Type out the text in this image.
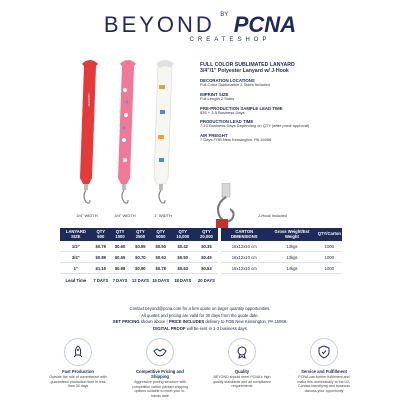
BEYOND $^{BY}$ PCNA
CREATESHOP
REDLINE
3/4" WIDTH	3/4" WIDTH	1" WIDTH
FULL COLOR SUBLIMATED LANYARD
3/4"/1" Polyester Lanyard w/ J-Hook
DECORATION LOCATIONS
Full Color Sublimation 2 Sides Included
IMPRINT SIZE
Full Length 2 Sides
PRE-PRODUCTION SAMPLE LEAD TIME
$35 + 3-5 Business Days
PRODUCTION LEAD TIME
7-10 Business Days Depending on QTY (after proof approval)
AIR FREIGHT
7 Days FOB New Kensington, PA 15068
J-Hook Included
LANYARD SIZE	QTY 500	QTY 1000	QTY 2500	QTY 5000	QTY 10,000	QTY 20,000		CARTON DIMENSIONS	Gross Weight/Est Weight	QTY/Carton
1/2"	$0.79	$0.60	$0.55	$0.50	$0.42	$0.35		18x12x10 cm	13kgs	1000
3/4"	$0.89	$0.65	$0.70	$0.63	$0.50	$0.45		18x12x10 cm	13kgs	1000
1"	$1.15	$0.98	$0.90	$0.78	$0.63	$0.53		18x12x10 cm	14kgs	1000
Lead Time	7 DAYS	7 DAYS	12 DAYS	15 DAYS	18 DAYS	20 DAYS				
Contact beyond@pcna.com for a firm quote on larger quantity opportunities.
All quotes and pricing are valid for 30 days from the quote date.
SET PRICING shown above | PRICE INCLUDES delivery to FOB New Kensington, PA 15068.
DIGITAL PROOF will be sent in 1-3 business days
Fast Production
Outside the rule of commitment with guaranteed production time in less than 30 days
Competitive Pricing and Shipping
Aggressive pricing structure with competitive carton packed shipping options suitable to meet your in-hands date
Quality
BEYOND should meet PCNA's high quality standards and all compliance requirements
Service and Fulfillment
PCNA can further fulfillment and make this domestically to the US. Contact Identifying and business discuss your opportunity
